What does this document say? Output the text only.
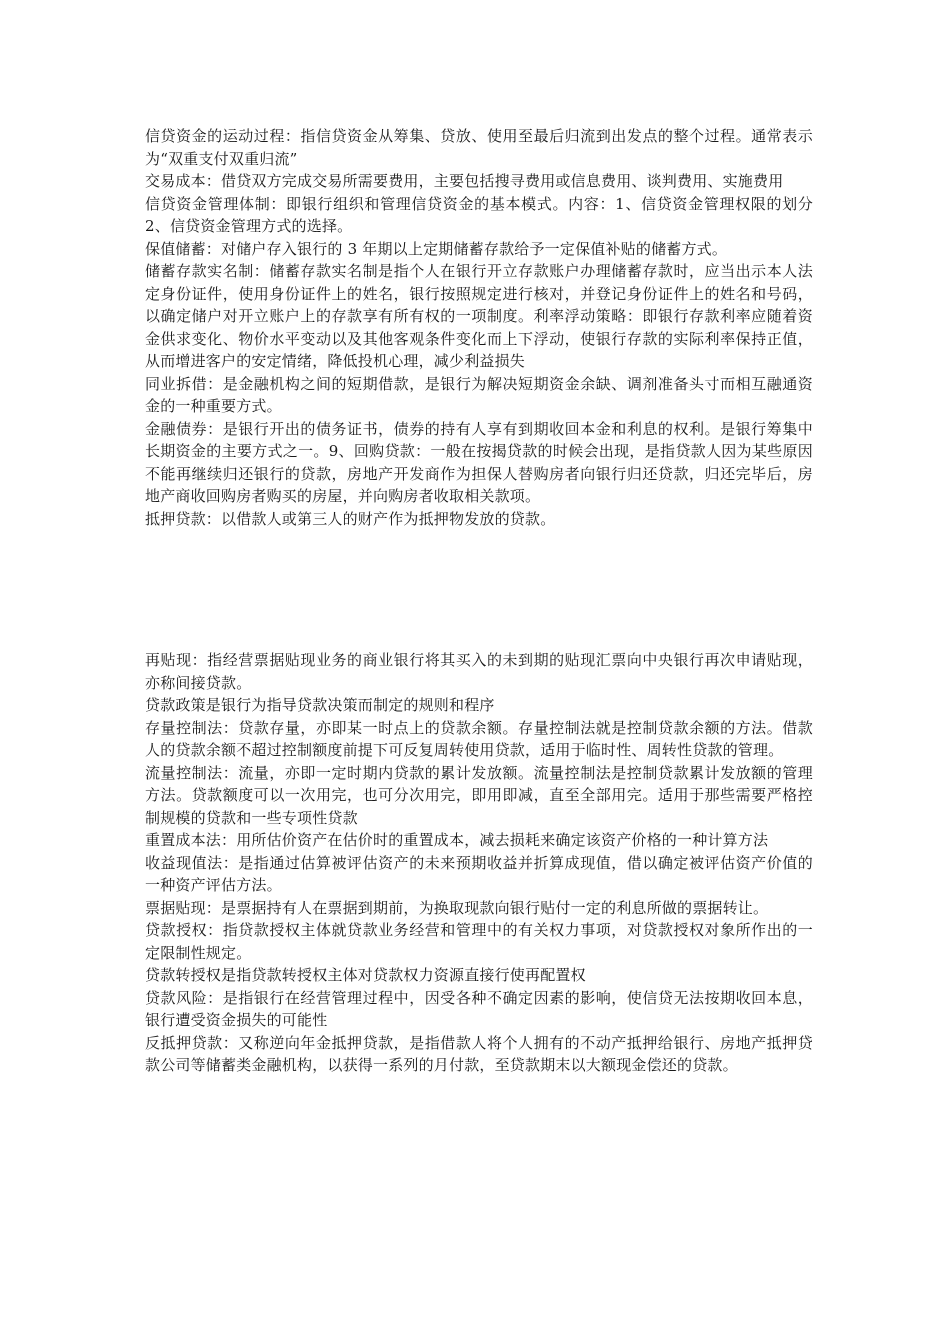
信贷资金的运动过程：指信贷资金从筹集、贷放、使用至最后归流到出发点的整个过程。通常表示为“双重支付双重归流”

交易成本：借贷双方完成交易所需要费用，主要包括搜寻费用或信息费用、谈判费用、实施费用

信贷资金管理体制：即银行组织和管理信贷资金的基本模式。内容：1、信贷资金管理权限的划分 2、信贷资金管理方式的选择。

保值储蓄：对储户存入银行的 3 年期以上定期储蓄存款给予一定保值补贴的储蓄方式。

储蓄存款实名制：储蓄存款实名制是指个人在银行开立存款账户办理储蓄存款时，应当出示本人法定身份证件，使用身份证件上的姓名，银行按照规定进行核对，并登记身份证件上的姓名和号码，以确定储户对开立账户上的存款享有所有权的一项制度。利率浮动策略：即银行存款利率应随着资金供求变化、物价水平变动以及其他客观条件变化而上下浮动，使银行存款的实际利率保持正值，从而增进客户的安定情绪，降低投机心理，减少利益损失

同业拆借：是金融机构之间的短期借款，是银行为解决短期资金余缺、调剂准备头寸而相互融通资金的一种重要方式。

金融债券：是银行开出的债务证书，债券的持有人享有到期收回本金和利息的权利。是银行筹集中长期资金的主要方式之一。9、回购贷款：一般在按揭贷款的时候会出现，是指贷款人因为某些原因不能再继续归还银行的贷款，房地产开发商作为担保人替购房者向银行归还贷款，归还完毕后，房地产商收回购房者购买的房屋，并向购房者收取相关款项。

抵押贷款：以借款人或第三人的财产作为抵押物发放的贷款。

再贴现：指经营票据贴现业务的商业银行将其买入的未到期的贴现汇票向中央银行再次申请贴现，亦称间接贷款。

贷款政策是银行为指导贷款决策而制定的规则和程序

存量控制法：贷款存量，亦即某一时点上的贷款余额。存量控制法就是控制贷款余额的方法。借款人的贷款余额不超过控制额度前提下可反复周转使用贷款，适用于临时性、周转性贷款的管理。

流量控制法：流量，亦即一定时期内贷款的累计发放额。流量控制法是控制贷款累计发放额的管理方法。贷款额度可以一次用完，也可分次用完，即用即减，直至全部用完。适用于那些需要严格控制规模的贷款和一些专项性贷款

重置成本法：用所估价资产在估价时的重置成本，减去损耗来确定该资产价格的一种计算方法

收益现值法：是指通过估算被评估资产的未来预期收益并折算成现值，借以确定被评估资产价值的一种资产评估方法。

票据贴现：是票据持有人在票据到期前，为换取现款向银行贴付一定的利息所做的票据转让。

贷款授权：指贷款授权主体就贷款业务经营和管理中的有关权力事项，对贷款授权对象所作出的一定限制性规定。

贷款转授权是指贷款转授权主体对贷款权力资源直接行使再配置权

贷款风险：是指银行在经营管理过程中，因受各种不确定因素的影响，使信贷无法按期收回本息，银行遭受资金损失的可能性

反抵押贷款：又称逆向年金抵押贷款，是指借款人将个人拥有的不动产抵押给银行、房地产抵押贷款公司等储蓄类金融机构，以获得一系列的月付款，至贷款期末以大额现金偿还的贷款。
